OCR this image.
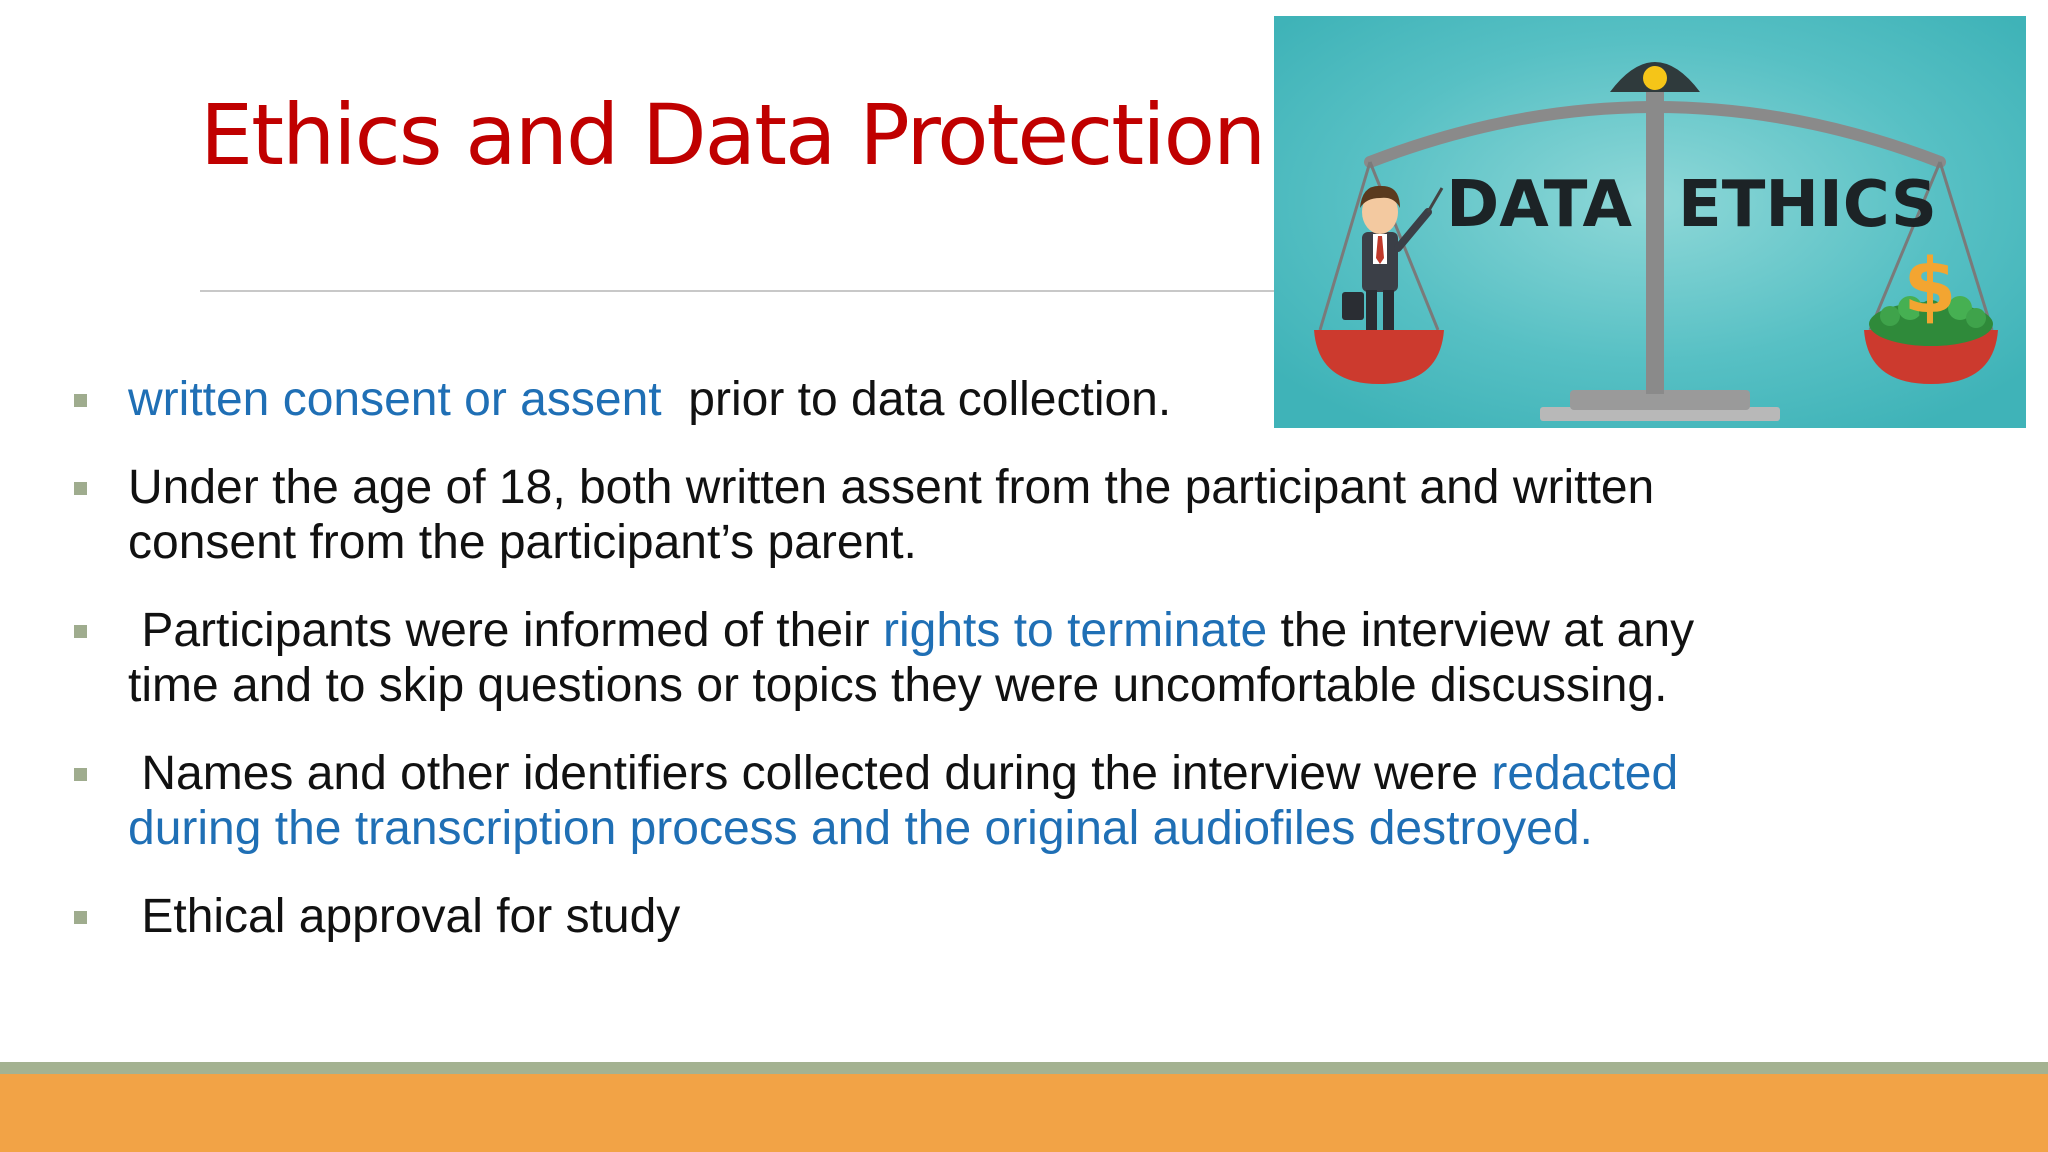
Ethics and Data Protection
written consent or assent  prior to data collection.
Under the age of 18, both written assent from the participant and written consent from the participant’s parent.
Participants were informed of their rights to terminate the interview at any time and to skip questions or topics they were uncomfortable discussing.
Names and other identifiers collected during the interview were redacted during the transcription process and the original audiofiles destroyed.
Ethical approval for study
$
DATA ETHICS
